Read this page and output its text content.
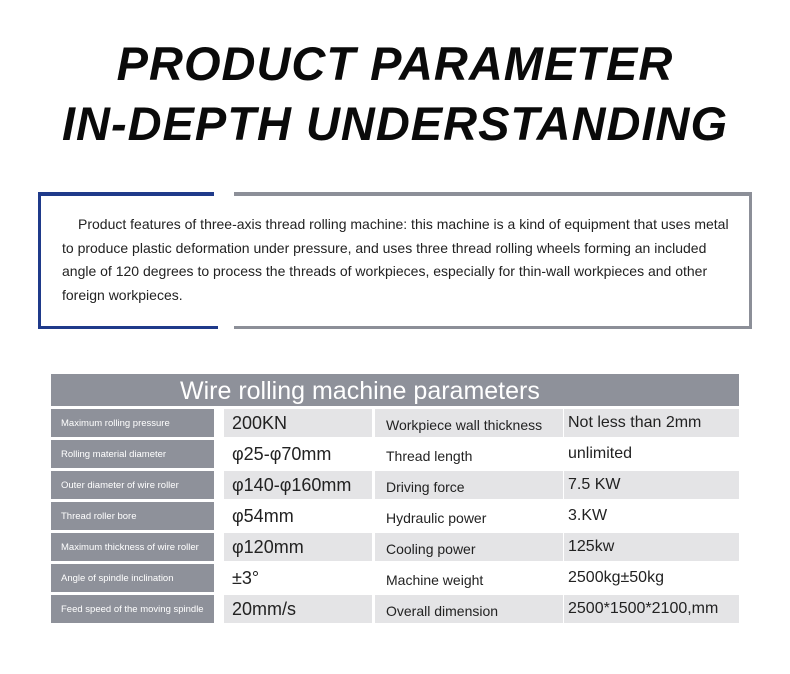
PRODUCT PARAMETER
IN-DEPTH UNDERSTANDING

Product features of three-axis thread rolling machine: this machine is a kind of equipment that uses metal to produce plastic deformation under pressure, and uses three thread rolling wheels forming an included angle of 120 degrees to process the threads of workpieces, especially for thin-wall workpieces and other foreign workpieces.

Wire rolling machine parameters
Maximum rolling pressure	200KN	Workpiece wall thickness	Not less than 2mm
Rolling material diameter	φ25-φ70mm	Thread length	unlimited
Outer diameter of wire roller	φ140-φ160mm	Driving force	7.5 KW
Thread roller bore	φ54mm	Hydraulic power	3.KW
Maximum thickness of wire roller	φ120mm	Cooling power	125kw
Angle of spindle inclination	±3°	Machine weight	2500kg±50kg
Feed speed of the moving spindle	20mm/s	Overall dimension	2500*1500*2100,mm
